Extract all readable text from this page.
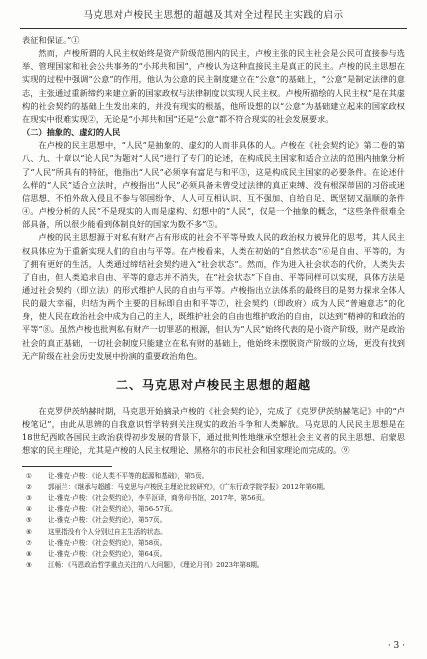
马克思对卢梭民主思想的超越及其对全过程民主实践的启示

表征和保证。”①

然而，卢梭所谓的人民主权始终是资产阶级范围内的民主，卢梭主张的民主社会是公民可直接参与选举、管理国家和社会公共事务的“小邦共和国”，卢梭认为这种直接民主是真正的民主。卢梭的民主思想在实现的过程中强调“公意”的作用，他认为公意的民主制度建立在“公意”的基础上，“公意”是制定法律的意志，主张通过重新缔约来建立新的国家政权与法律制度以实现人民主权。卢梭所描绘的人民主权”是在其虚构的社会契约的基础上生发出来的，并没有现实的根基，他所设想的以“公意”为基础建立起来的国家政权在现实中很难实现②，无论是“小邦共和国”还是“公意”都不符合现实的社会发展要求。

（二）抽象的、虚幻的人民

在卢梭的民主思想中，“人民”是抽象的、虚幻的人而非具体的人。卢梭在《社会契约论》第二卷的第八、九、十章以“论人民”为题对“人民”进行了专门的论述，在构成民主国家和适合立法的范围内抽象分析了“人民”所具有的特征，他指出“人民”必须享有富足与和平③，这是构成民主国家的必要条件。在论述什么样的“人民”适合立法时，卢梭指出“人民”必须具备未曾受过法律的真正束缚、没有根深蒂固的习俗或迷信思想、不怕外敌入侵且不参与邻国纷争、人人可互相认识、互不强加、自给自足、既坚韧又温顺的条件④。卢梭分析的人民”不是现实的人而是虚构、幻想中的“人民”，仅是一个抽象的概念，“这些条件很难全部具备，所以很少能看到体制良好的国家为数不多”⑤。

卢梭的民主思想源于对私有财产占有形成的社会不平等导致人民的政治权力被异化的思考，其人民主权具体应为于重新实现人们的自由与平等。在卢梭看来，人类在初始的“自然状态”⑥是自由、平等的，为了拥有更好的生活，人类通过缔结社会契约进入“社会状态”。然而，作为进入社会状态的代价，人类失去了自由，但人类追求自由、平等的意志并不消失，在“社会状态”下自由、平等同样可以实现，具体方法是通过社会契约（即立法）的形式维护人民的自由与平等。卢梭指出立法体系的最终目的是努力探求全体人民的最大幸福，归结为两个主要的目标即自由和平等⑦，社会契约（即政府）成为人民“普遍意志”的化身，使人民在政治社会中成为自己的主人，既维护社会的自由也维护政治的自由，以达到“精神的和政治的平等”⑧。虽然卢梭也批判私有财产一切罪恶的根源，但认为“人民”始终代表的是小资产阶级，财产是政治社会的真正基础，一切社会制度只能建立在私有财的基础上，他始终未摆脱资产阶级的立场，更没有找到无产阶级在社会历史发展中扮演的重要政治角色。

二、马克思对卢梭民主思想的超越

在克罗伊茨纳赫时期，马克思开始摘录卢梭的《社会契约论》，完成了《克罗伊茨纳赫笔记》中的“卢梭笔记”，由此从思辨的自我意识哲学转到关注现实的政治斗争和人类解放。马克思的人民民主思想是在18世纪西欧各国民主政治获得初步发展的背景下，通过批判性地继承空想社会主义者的民主思想、启蒙思想家的民主理论，尤其是卢梭的人民主权理论、黑格尔的市民社会和国家理论而完成的。⑨

① 让-雅克·卢梭：《论人类不平等的起源和基础》，第5页。

② 郭丽兰：《继承与超越：马克思与卢梭民主理论比较研究》，《广东行政学院学报》2012年第6期。

③ 让-雅克·卢梭：《社会契约论》，李平沤译，商务印书馆，2017年，第56页。

④ 让-雅克·卢梭：《社会契约论》，第56-57页。

⑤ 让-雅克·卢梭：《社会契约论》，第57页。

⑥ 这里指没有个人分别过自主生活的状态。

⑦ 让-雅克·卢梭：《社会契约论》，第58页。

⑧ 让-雅克·卢梭：《社会契约论》，第64页。

⑨ 江畅：《马恩政治哲学重点关注的八大问题》，《理论月刊》2023年第8期。

· 3 ·
